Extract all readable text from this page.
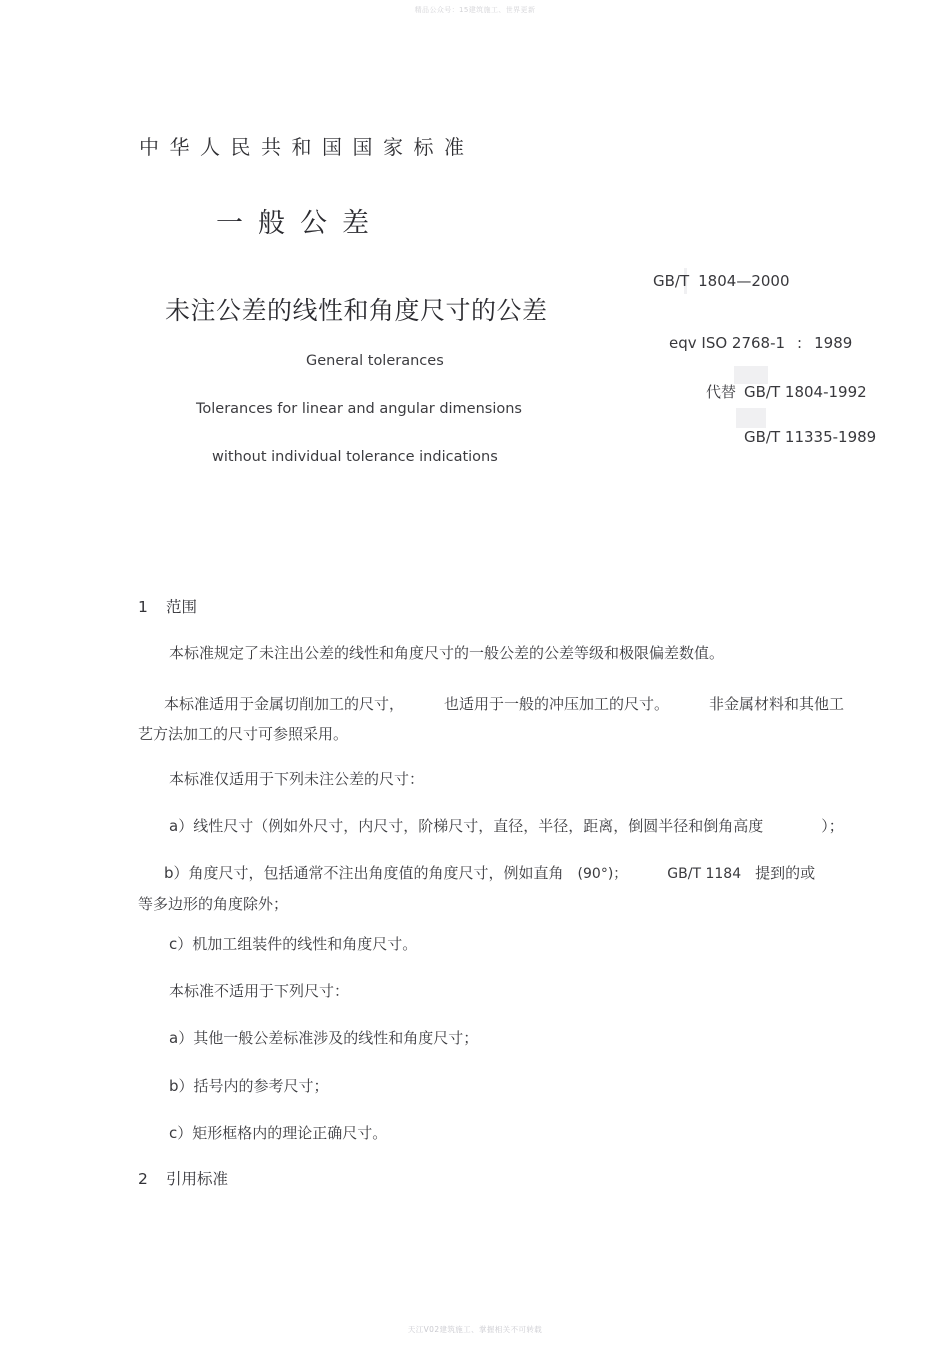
精品公众号：15建筑施工、世界更新
中华人民共和国国家标准
一般公差
未注公差的线性和角度尺寸的公差
General tolerances
Tolerances for linear and angular dimensions
without individual tolerance indications
GB/T 1804—2000
eqv ISO 2768-1 : 1989
代替 GB/T 1804-1992
GB/T 11335-1989
1 范围
本标准规定了未注出公差的线性和角度尺寸的一般公差的公差等级和极限偏差数值。
本标准适用于金属切削加工的尺寸，	也适用于一般的冲压加工的尺寸。	非金属材料和其他工
艺方法加工的尺寸可参照采用。
本标准仅适用于下列未注公差的尺寸：
a）线性尺寸（例如外尺寸，内尺寸，阶梯尺寸，直径，半径，距离，倒圆半径和倒角高度	）；
b）角度尺寸，包括通常不注出角度值的角度尺寸，例如直角 (90°)；	GB/T 1184 提到的或
等多边形的角度除外；
c）机加工组装件的线性和角度尺寸。
本标准不适用于下列尺寸：
a）其他一般公差标准涉及的线性和角度尺寸；
b）括号内的参考尺寸；
c）矩形框格内的理论正确尺寸。
2 引用标准
天江V02建筑施工、掌握相关不可转载
